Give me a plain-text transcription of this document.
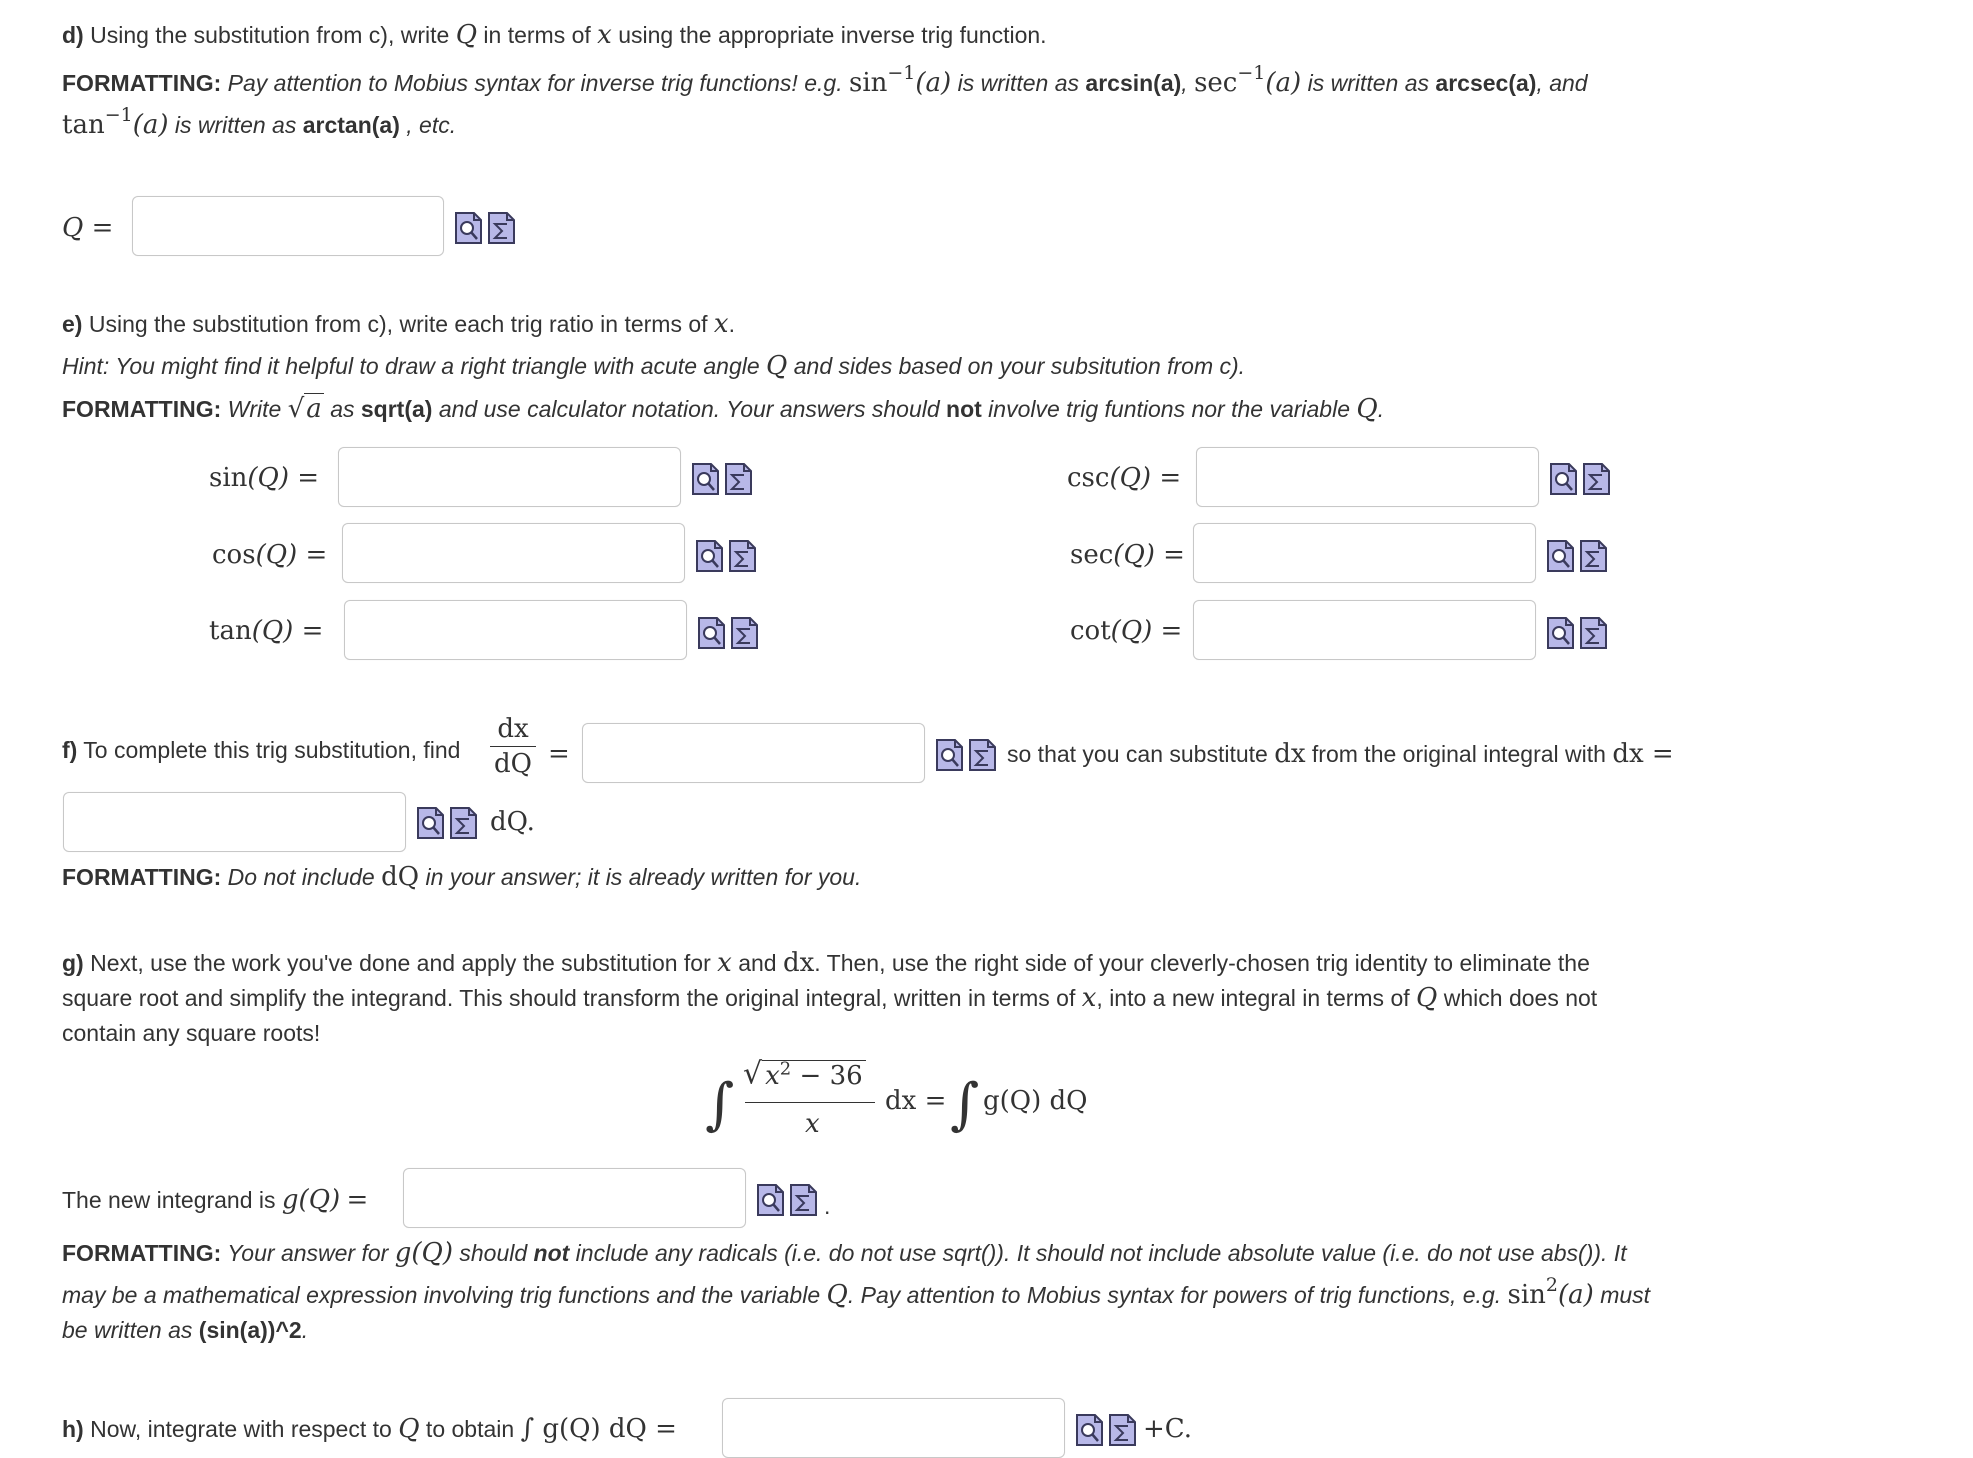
d) Using the substitution from c), write Q in terms of x using the appropriate inverse trig function.
FORMATTING: Pay attention to Mobius syntax for inverse trig functions! e.g. $\sin^{-1}(a)$ is written as arcsin(a), $\sec^{-1}(a)$ is written as arcsec(a), and
$\tan^{-1}(a)$ is written as arctan(a) , etc.
Q =
e) Using the substitution from c), write each trig ratio in terms of x.
Hint: You might find it helpful to draw a right triangle with acute angle Q and sides based on your subsitution from c).
FORMATTING: Write √a as sqrt(a) and use calculator notation. Your answers should not involve trig funtions nor the variable Q.
sin(Q) =
cos(Q) =
tan(Q) =
csc(Q) =
sec(Q) =
cot(Q) =
f) To complete this trig substitution, find $\frac{dx}{dQ}$ =	so that you can substitute dx from the original integral with dx =
dQ.
FORMATTING: Do not include dQ in your answer; it is already written for you.
g) Next, use the work you've done and apply the substitution for x and dx. Then, use the right side of your cleverly-chosen trig identity to eliminate the
square root and simplify the integrand. This should transform the original integral, written in terms of x, into a new integral in terms of Q which does not
contain any square roots!
∫ √ $x^2 - 36$
x
dx = ∫ g(Q) dQ
The new integrand is g(Q) =	.
FORMATTING: Your answer for g(Q) should not include any radicals (i.e. do not use sqrt()). It should not include absolute value (i.e. do not use abs()). It
may be a mathematical expression involving trig functions and the variable Q. Pay attention to Mobius syntax for powers of trig functions, e.g. $\sin^2(a)$ must
be written as (sin(a))^2.
h) Now, integrate with respect to Q to obtain ∫ g(Q) dQ =	+C.
